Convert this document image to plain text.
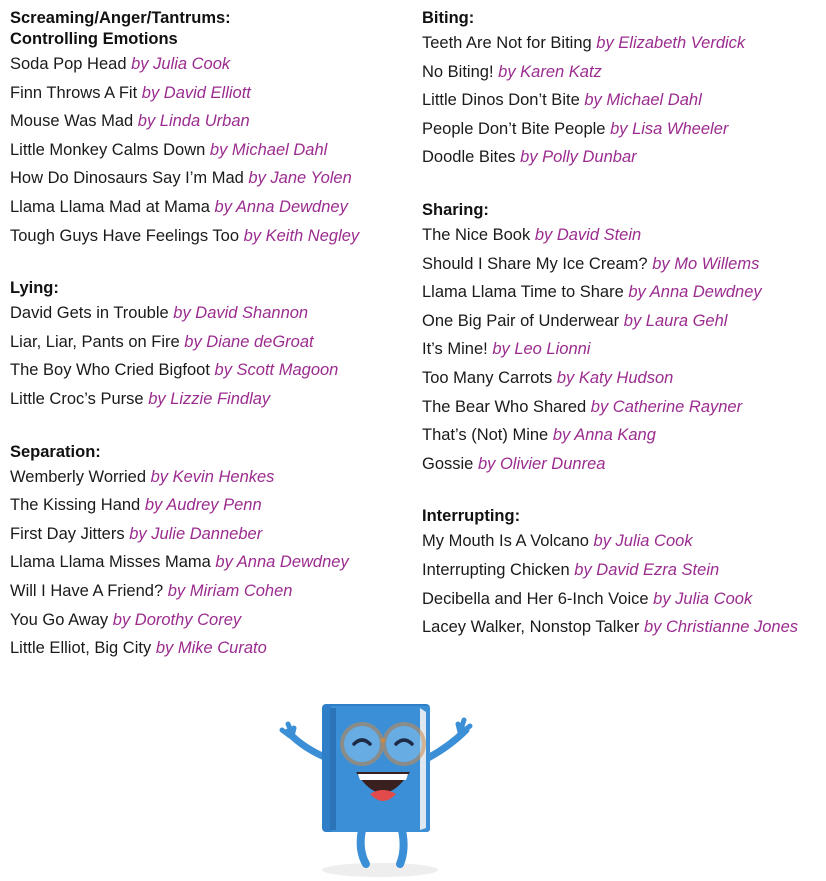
Screaming/Anger/Tantrums:
Controlling Emotions
Soda Pop Head by Julia Cook
Finn Throws A Fit by David Elliott
Mouse Was Mad by Linda Urban
Little Monkey Calms Down by Michael Dahl
How Do Dinosaurs Say I’m Mad by Jane Yolen
Llama Llama Mad at Mama by Anna Dewdney
Tough Guys Have Feelings Too by Keith Negley
Lying:
David Gets in Trouble by David Shannon
Liar, Liar, Pants on Fire by Diane deGroat
The Boy Who Cried Bigfoot by Scott Magoon
Little Croc’s Purse by Lizzie Findlay
Separation:
Wemberly Worried by Kevin Henkes
The Kissing Hand by Audrey Penn
First Day Jitters by Julie Danneber
Llama Llama Misses Mama by Anna Dewdney
Will I Have A Friend? by Miriam Cohen
You Go Away by Dorothy Corey
Little Elliot, Big City by Mike Curato
Biting:
Teeth Are Not for Biting by Elizabeth Verdick
No Biting! by Karen Katz
Little Dinos Don’t Bite by Michael Dahl
People Don’t Bite People by Lisa Wheeler
Doodle Bites by Polly Dunbar
Sharing:
The Nice Book by David Stein
Should I Share My Ice Cream? by Mo Willems
Llama Llama Time to Share by Anna Dewdney
One Big Pair of Underwear by Laura Gehl
It’s Mine! by Leo Lionni
Too Many Carrots by Katy Hudson
The Bear Who Shared by Catherine Rayner
That’s (Not) Mine by Anna Kang
Gossie by Olivier Dunrea
Interrupting:
My Mouth Is A Volcano by Julia Cook
Interrupting Chicken by David Ezra Stein
Decibella and Her 6-Inch Voice by Julia Cook
Lacey Walker, Nonstop Talker by Christianne Jones
